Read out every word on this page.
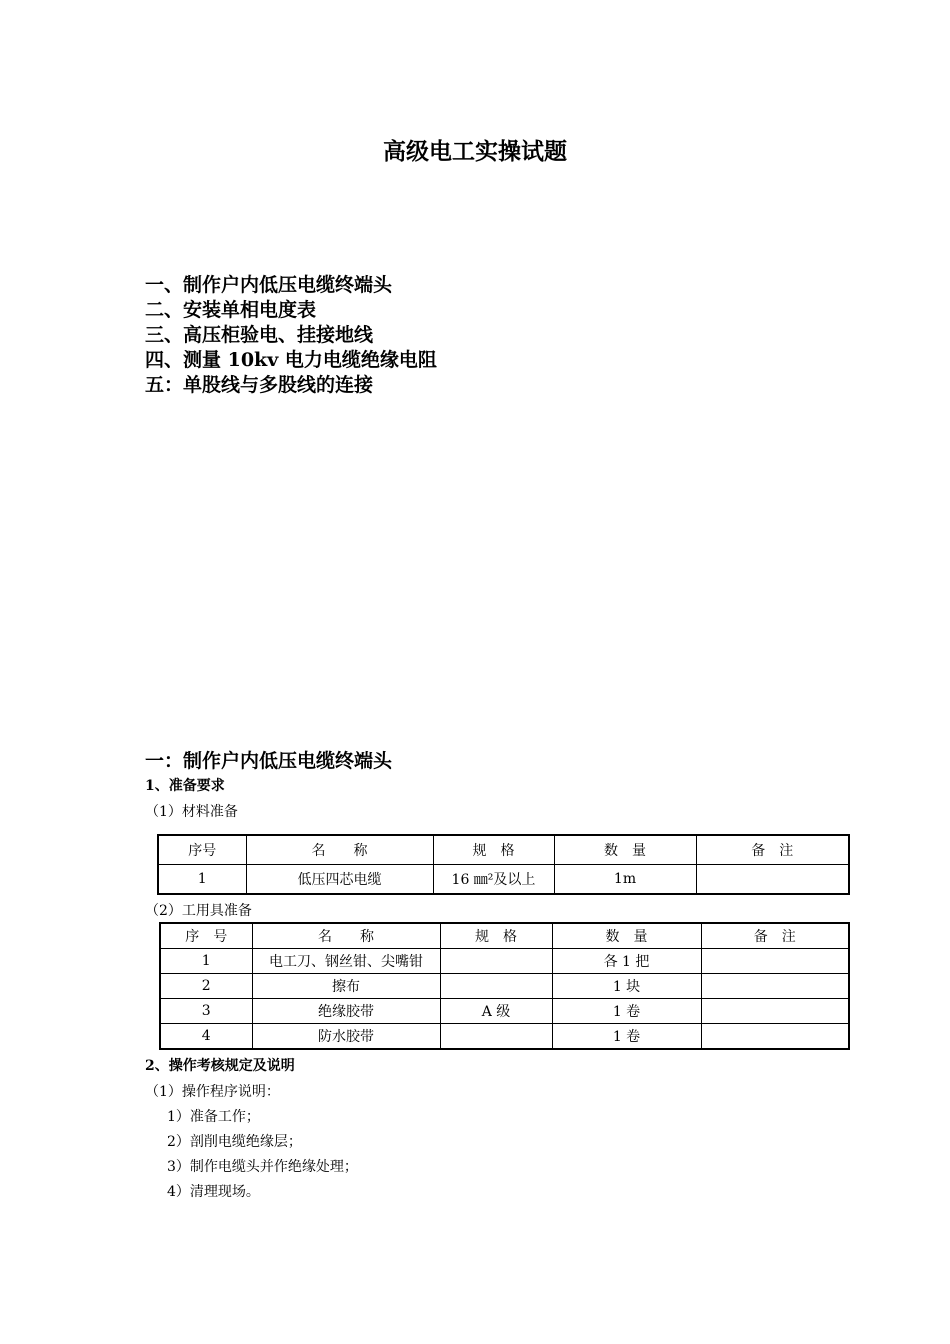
高级电工实操试题
一、制作户内低压电缆终端头
二、安装单相电度表
三、高压柜验电、挂接地线
四、测量 10kv 电力电缆绝缘电阻
五：单股线与多股线的连接
一：制作户内低压电缆终端头
1、准备要求
（1）材料准备
序号	名　　称	规　格	数　量	备　注
1	低压四芯电缆	16 ㎜²及以上	1m	
（2）工用具准备
序　号	名　　称	规　格	数　量	备　注
1	电工刀、钢丝钳、尖嘴钳		各 1 把	
2	擦布		1 块	
3	绝缘胶带	A 级	1 卷	
4	防水胶带		1 卷	
2、操作考核规定及说明
（1）操作程序说明：
1）准备工作；
2）剖削电缆绝缘层；
3）制作电缆头并作绝缘处理；
4）清理现场。
